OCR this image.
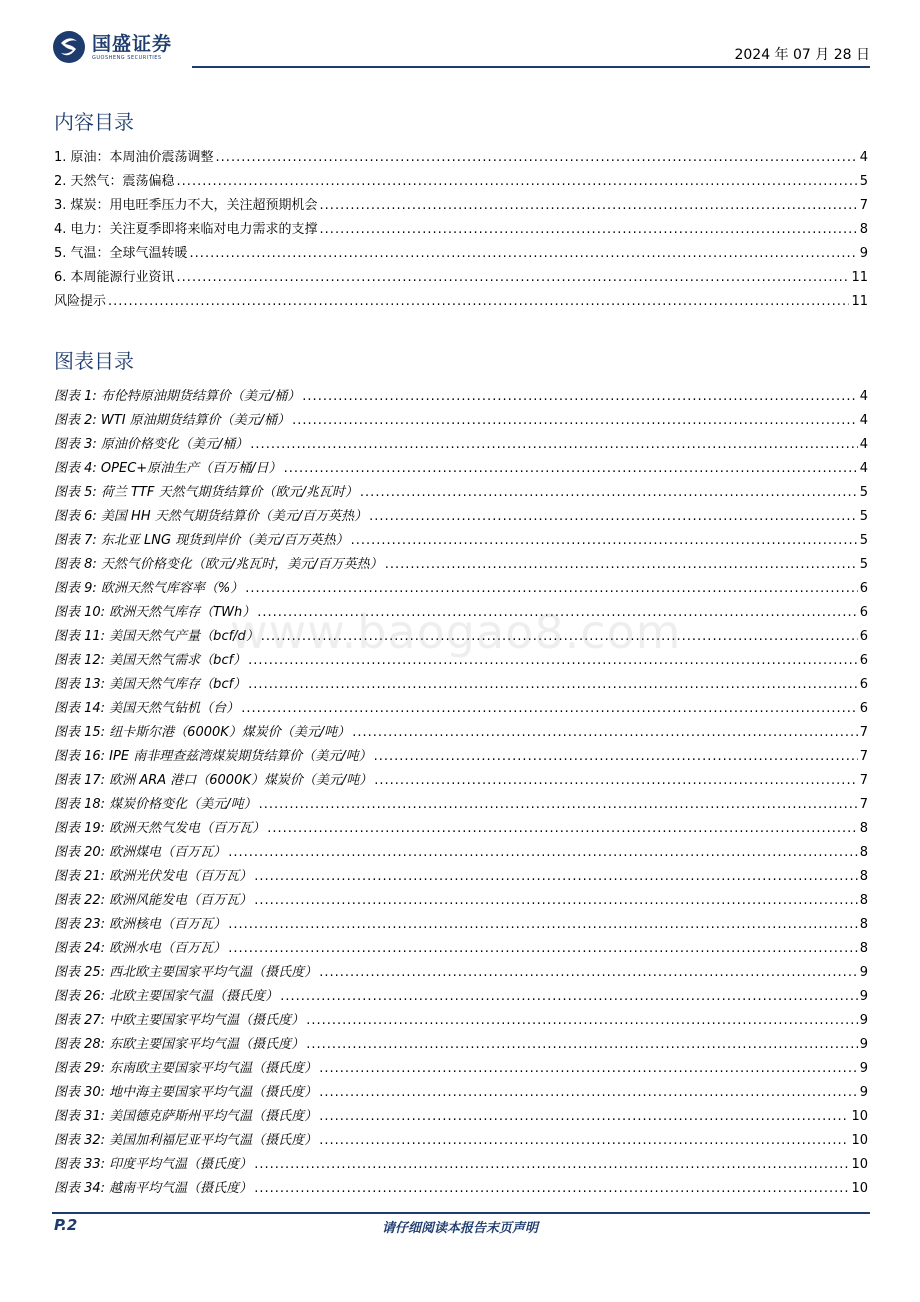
国盛证券
GUOSHENG SECURITIES	2024 年 07 月 28 日
内容目录
1. 原油：本周油价震荡调整 .....	4
2. 天然气：震荡偏稳 .....	5
3. 煤炭：用电旺季压力不大，关注超预期机会 .....	7
4. 电力：关注夏季即将来临对电力需求的支撑 .....	8
5. 气温：全球气温转暖 .....	9
6. 本周能源行业资讯 .....	11
风险提示 .....	11
图表目录
图表 1: 布伦特原油期货结算价（美元/桶） .....	4
图表 2: WTI 原油期货结算价（美元/桶） .....	4
图表 3: 原油价格变化（美元/桶） .....	4
图表 4: OPEC+原油生产（百万桶/日） .....	4
图表 5: 荷兰 TTF 天然气期货结算价（欧元/兆瓦时） .....	5
图表 6: 美国 HH 天然气期货结算价（美元/百万英热） .....	5
图表 7: 东北亚 LNG 现货到岸价（美元/百万英热） .....	5
图表 8: 天然气价格变化（欧元/兆瓦时，美元/百万英热） .....	5
图表 9: 欧洲天然气库容率（%） .....	6
图表 10: 欧洲天然气库存（TWh） .....	6
图表 11: 美国天然气产量（bcf/d） .....	6
图表 12: 美国天然气需求（bcf） .....	6
图表 13: 美国天然气库存（bcf） .....	6
图表 14: 美国天然气钻机（台） .....	6
图表 15: 纽卡斯尔港（6000K）煤炭价（美元/吨） .....	7
图表 16: IPE 南非理查兹湾煤炭期货结算价（美元/吨） .....	7
图表 17: 欧洲 ARA 港口（6000K）煤炭价（美元/吨） .....	7
图表 18: 煤炭价格变化（美元/吨） .....	7
图表 19: 欧洲天然气发电（百万瓦） .....	8
图表 20: 欧洲煤电（百万瓦） .....	8
图表 21: 欧洲光伏发电（百万瓦） .....	8
图表 22: 欧洲风能发电（百万瓦） .....	8
图表 23: 欧洲核电（百万瓦） .....	8
图表 24: 欧洲水电（百万瓦） .....	8
图表 25: 西北欧主要国家平均气温（摄氏度） .....	9
图表 26: 北欧主要国家气温（摄氏度） .....	9
图表 27: 中欧主要国家平均气温（摄氏度） .....	9
图表 28: 东欧主要国家平均气温（摄氏度） .....	9
图表 29: 东南欧主要国家平均气温（摄氏度） .....	9
图表 30: 地中海主要国家平均气温（摄氏度） .....	9
图表 31: 美国德克萨斯州平均气温（摄氏度） .....	10
图表 32: 美国加利福尼亚平均气温（摄氏度） .....	10
图表 33: 印度平均气温（摄氏度） .....	10
图表 34: 越南平均气温（摄氏度） .....	10
www.baogao8.com
P.2	请仔细阅读本报告末页声明
